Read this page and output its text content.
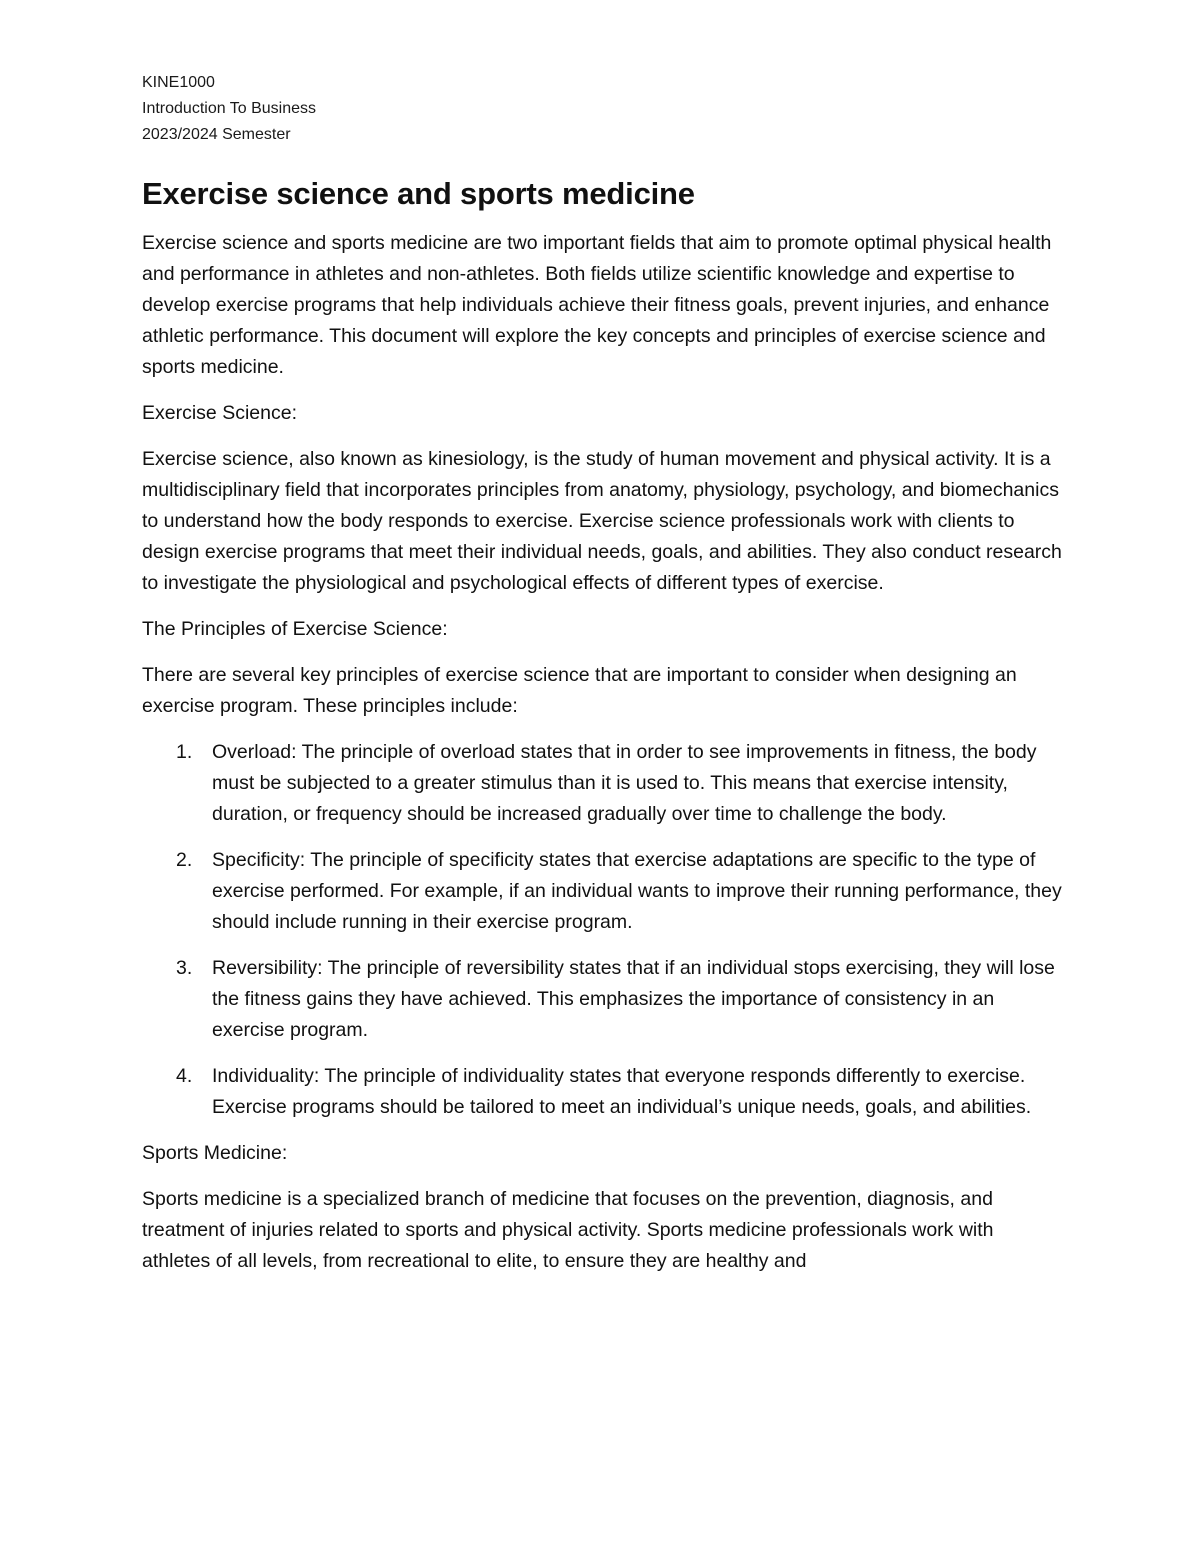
KINE1000

Introduction To Business

2023/2024 Semester

Exercise science and sports medicine

Exercise science and sports medicine are two important fields that aim to promote optimal physical health and performance in athletes and non-athletes. Both fields utilize scientific knowledge and expertise to develop exercise programs that help individuals achieve their fitness goals, prevent injuries, and enhance athletic performance. This document will explore the key concepts and principles of exercise science and sports medicine.

Exercise Science:

Exercise science, also known as kinesiology, is the study of human movement and physical activity. It is a multidisciplinary field that incorporates principles from anatomy, physiology, psychology, and biomechanics to understand how the body responds to exercise. Exercise science professionals work with clients to design exercise programs that meet their individual needs, goals, and abilities. They also conduct research to investigate the physiological and psychological effects of different types of exercise.

The Principles of Exercise Science:

There are several key principles of exercise science that are important to consider when designing an exercise program. These principles include:

1. Overload: The principle of overload states that in order to see improvements in fitness, the body must be subjected to a greater stimulus than it is used to. This means that exercise intensity, duration, or frequency should be increased gradually over time to challenge the body.
2. Specificity: The principle of specificity states that exercise adaptations are specific to the type of exercise performed. For example, if an individual wants to improve their running performance, they should include running in their exercise program.
3. Reversibility: The principle of reversibility states that if an individual stops exercising, they will lose the fitness gains they have achieved. This emphasizes the importance of consistency in an exercise program.
4. Individuality: The principle of individuality states that everyone responds differently to exercise. Exercise programs should be tailored to meet an individual’s unique needs, goals, and abilities.

Sports Medicine:

Sports medicine is a specialized branch of medicine that focuses on the prevention, diagnosis, and treatment of injuries related to sports and physical activity. Sports medicine professionals work with athletes of all levels, from recreational to elite, to ensure they are healthy and
